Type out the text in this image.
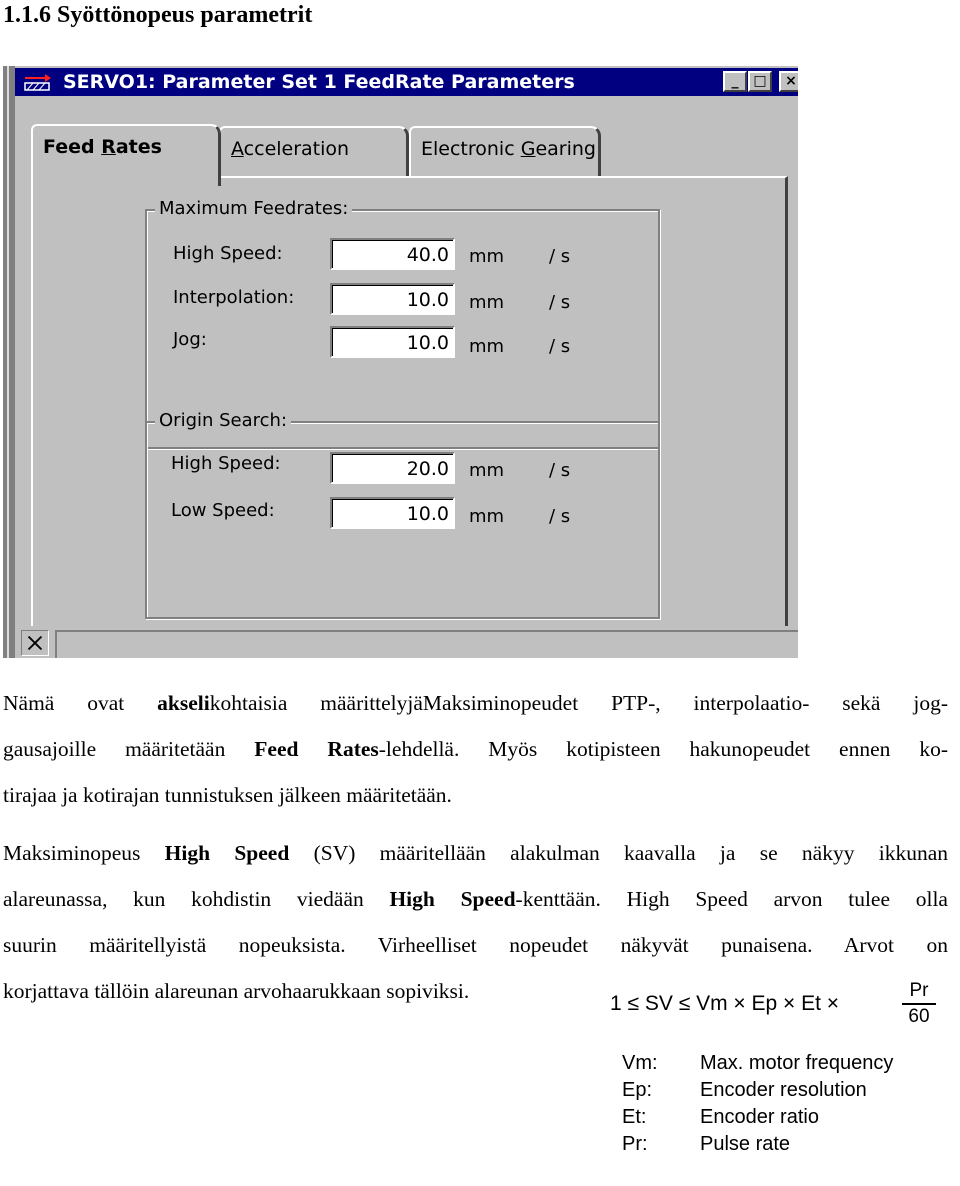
1.1.6 Syöttönopeus parametrit
SERVO1: Parameter Set 1 FeedRate Parameters	_	□	×
Feed Rates	Acceleration	Electronic Gearing
Maximum Feedrates:
High Speed:	40.0	mm / s
Interpolation:	10.0	mm / s
Jog:	10.0	mm / s
Origin Search:
High Speed:	20.0	mm / s
Low Speed:	10.0	mm / s
Nämä ovat akselikohtaisia määrittelyjäMaksiminopeudet PTP-, interpolaatio- sekä jog-
gausajoille määritetään Feed Rates-lehdellä. Myös kotipisteen hakunopeudet ennen ko-
tirajaa ja kotirajan tunnistuksen jälkeen määritetään.
Maksiminopeus High Speed (SV) määritellään alakulman kaavalla ja se näkyy ikkunan
alareunassa, kun kohdistin viedään High Speed-kenttään. High Speed arvon tulee olla
suurin määritellyistä nopeuksista. Virheelliset nopeudet näkyvät punaisena. Arvot on
korjattava tällöin alareunan arvohaarukkaan sopiviksi.
1 ≤ SV ≤ Vm × Ep × Et ×
Pr
60
Vm:	Max. motor frequency
Ep:	Encoder resolution
Et:	Encoder ratio
Pr:	Pulse rate
